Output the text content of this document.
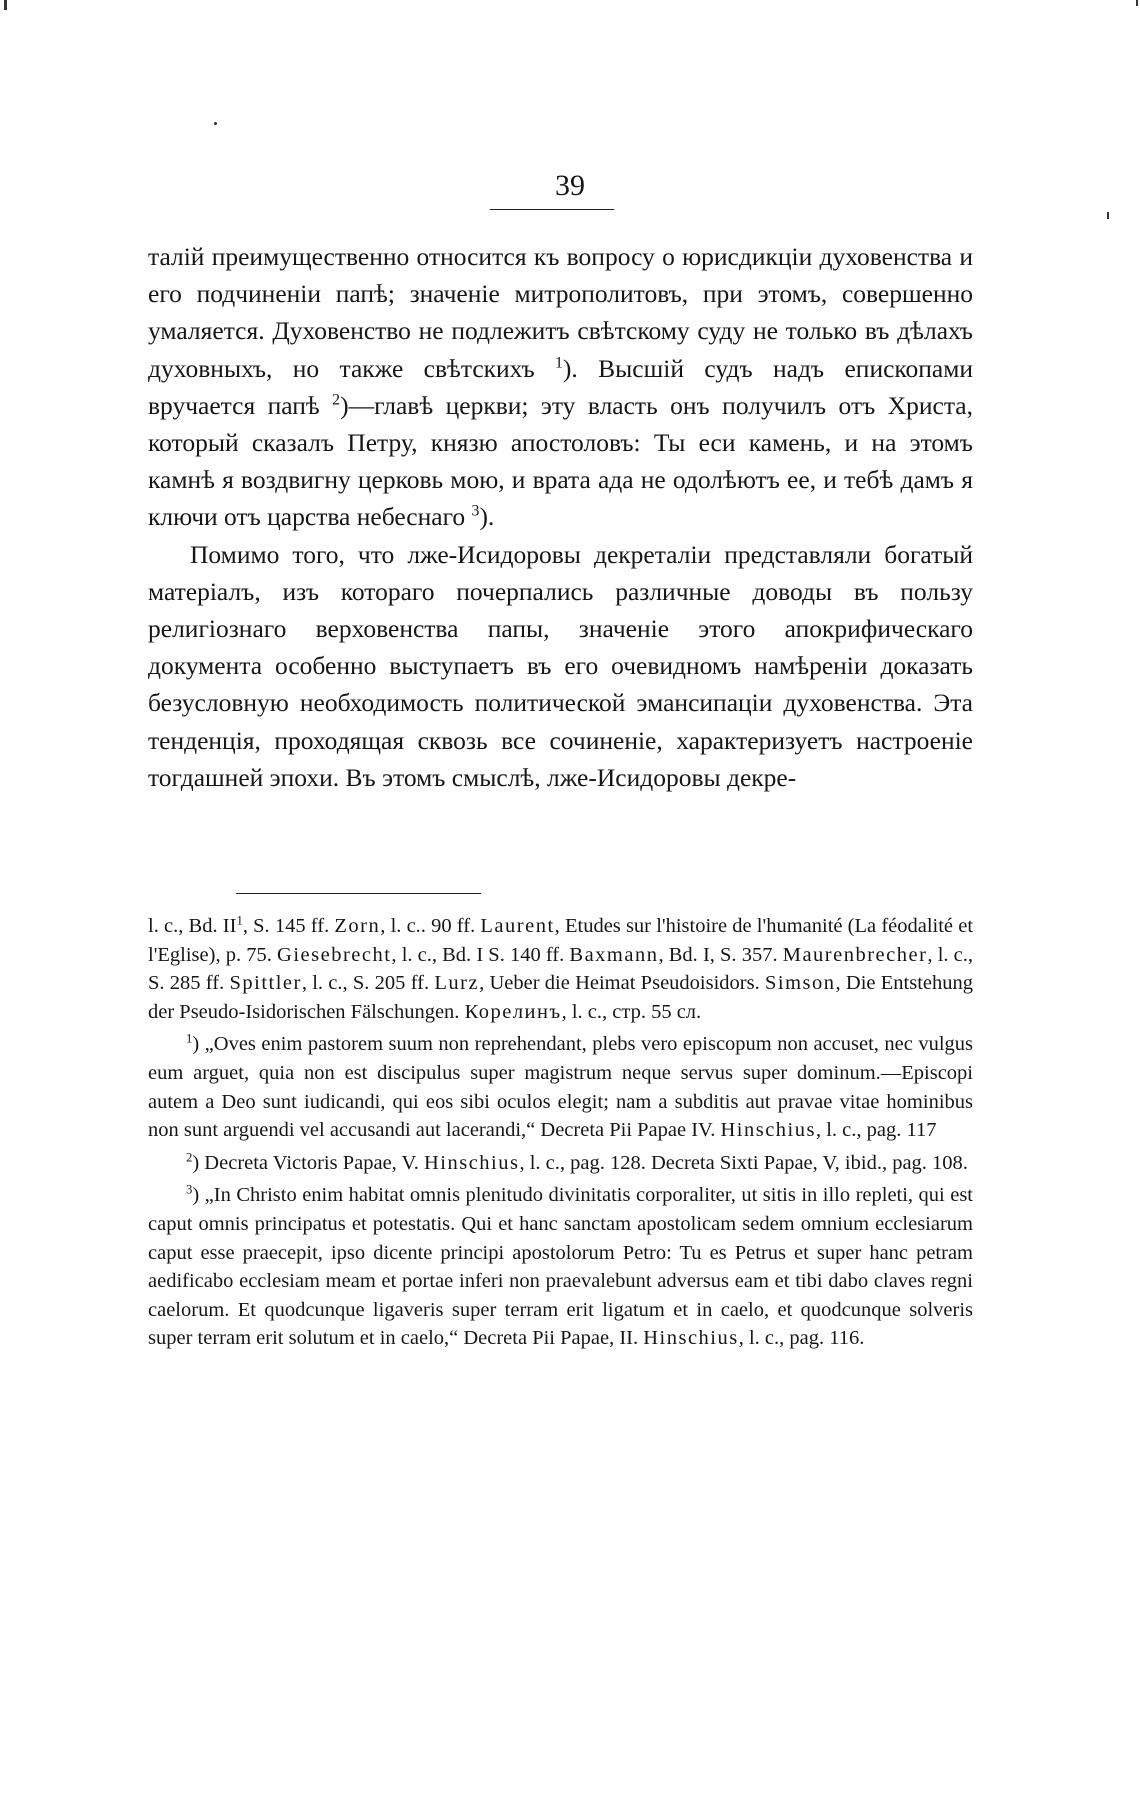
39

талій преимущественно относится къ вопросу о юрисдикціи духовенства и его подчиненіи папѣ; значеніе митрополитовъ, при этомъ, совершенно умаляется. Духовенство не подлежитъ свѣтскому суду не только въ дѣлахъ духовныхъ, но также свѣтскихъ $^1$). Высшій судъ надъ епископами вручается папѣ $^2$)—главѣ церкви; эту власть онъ получилъ отъ Христа, который сказалъ Петру, князю апостоловъ: Ты еси камень, и на этомъ камнѣ я воздвигну церковь мою, и врата ада не одолѣютъ ее, и тебѣ дамъ я ключи отъ царства небеснаго $^3$).

Помимо того, что лже-Исидоровы декреталіи представляли богатый матеріалъ, изъ котораго почерпались различные доводы въ пользу религіознаго верховенства папы, значеніе этого апокрифическаго документа особенно выступаетъ въ его очевидномъ намѣреніи доказать безусловную необходимость политической эмансипаціи духовенства. Эта тенденція, проходящая сквозь все сочиненіе, характеризуетъ настроеніе тогдашней эпохи. Въ этомъ смыслѣ, лже-Исидоровы декре-

l. c., Bd. $II^1$, S. 145 ff. Zorn, l. c.. 90 ff. Laurent, Etudes sur l'histoire de l'humanité (La féodalité et l'Eglise), p. 75. Giesebrecht, l. c., Bd. I S. 140 ff. Baxmann, Bd. I, S. 357. Maurenbrecher, l. c., S. 285 ff. Spittler, l. c., S. 205 ff. Lurz, Ueber die Heimat Pseudoisidors. Simson, Die Entstehung der Pseudo-Isidorischen Fälschungen. Корелинъ, l. c., стр. 55 сл.

$^1$) „Oves enim pastorem suum non reprehendant, plebs vero episcopum non accuset, nec vulgus eum arguet, quia non est discipulus super magistrum neque servus super dominum.—Episcopi autem a Deo sunt iudicandi, qui eos sibi oculos elegit; nam a subditis aut pravae vitae hominibus non sunt arguendi vel accusandi aut lacerandi,“ Decreta Pii Papae IV. Hinschius, l. c., pag. 117

$^2$) Decreta Victoris Papae, V. Hinschius, l. c., pag. 128. Decreta Sixti Papae, V, ibid., pag. 108.

$^3$) „In Christo enim habitat omnis plenitudo divinitatis corporaliter, ut sitis in illo repleti, qui est caput omnis principatus et potestatis. Qui et hanc sanctam apostolicam sedem omnium ecclesiarum caput esse praecepit, ipso dicente principi apostolorum Petro: Tu es Petrus et super hanc petram aedificabo ecclesiam meam et portae inferi non praevalebunt adversus eam et tibi dabo claves regni caelorum. Et quodcunque ligaveris super terram erit ligatum et in caelo, et quodcunque solveris super terram erit solutum et in caelo,“ Decreta Pii Papae, II. Hinschius, l. c., pag. 116.
